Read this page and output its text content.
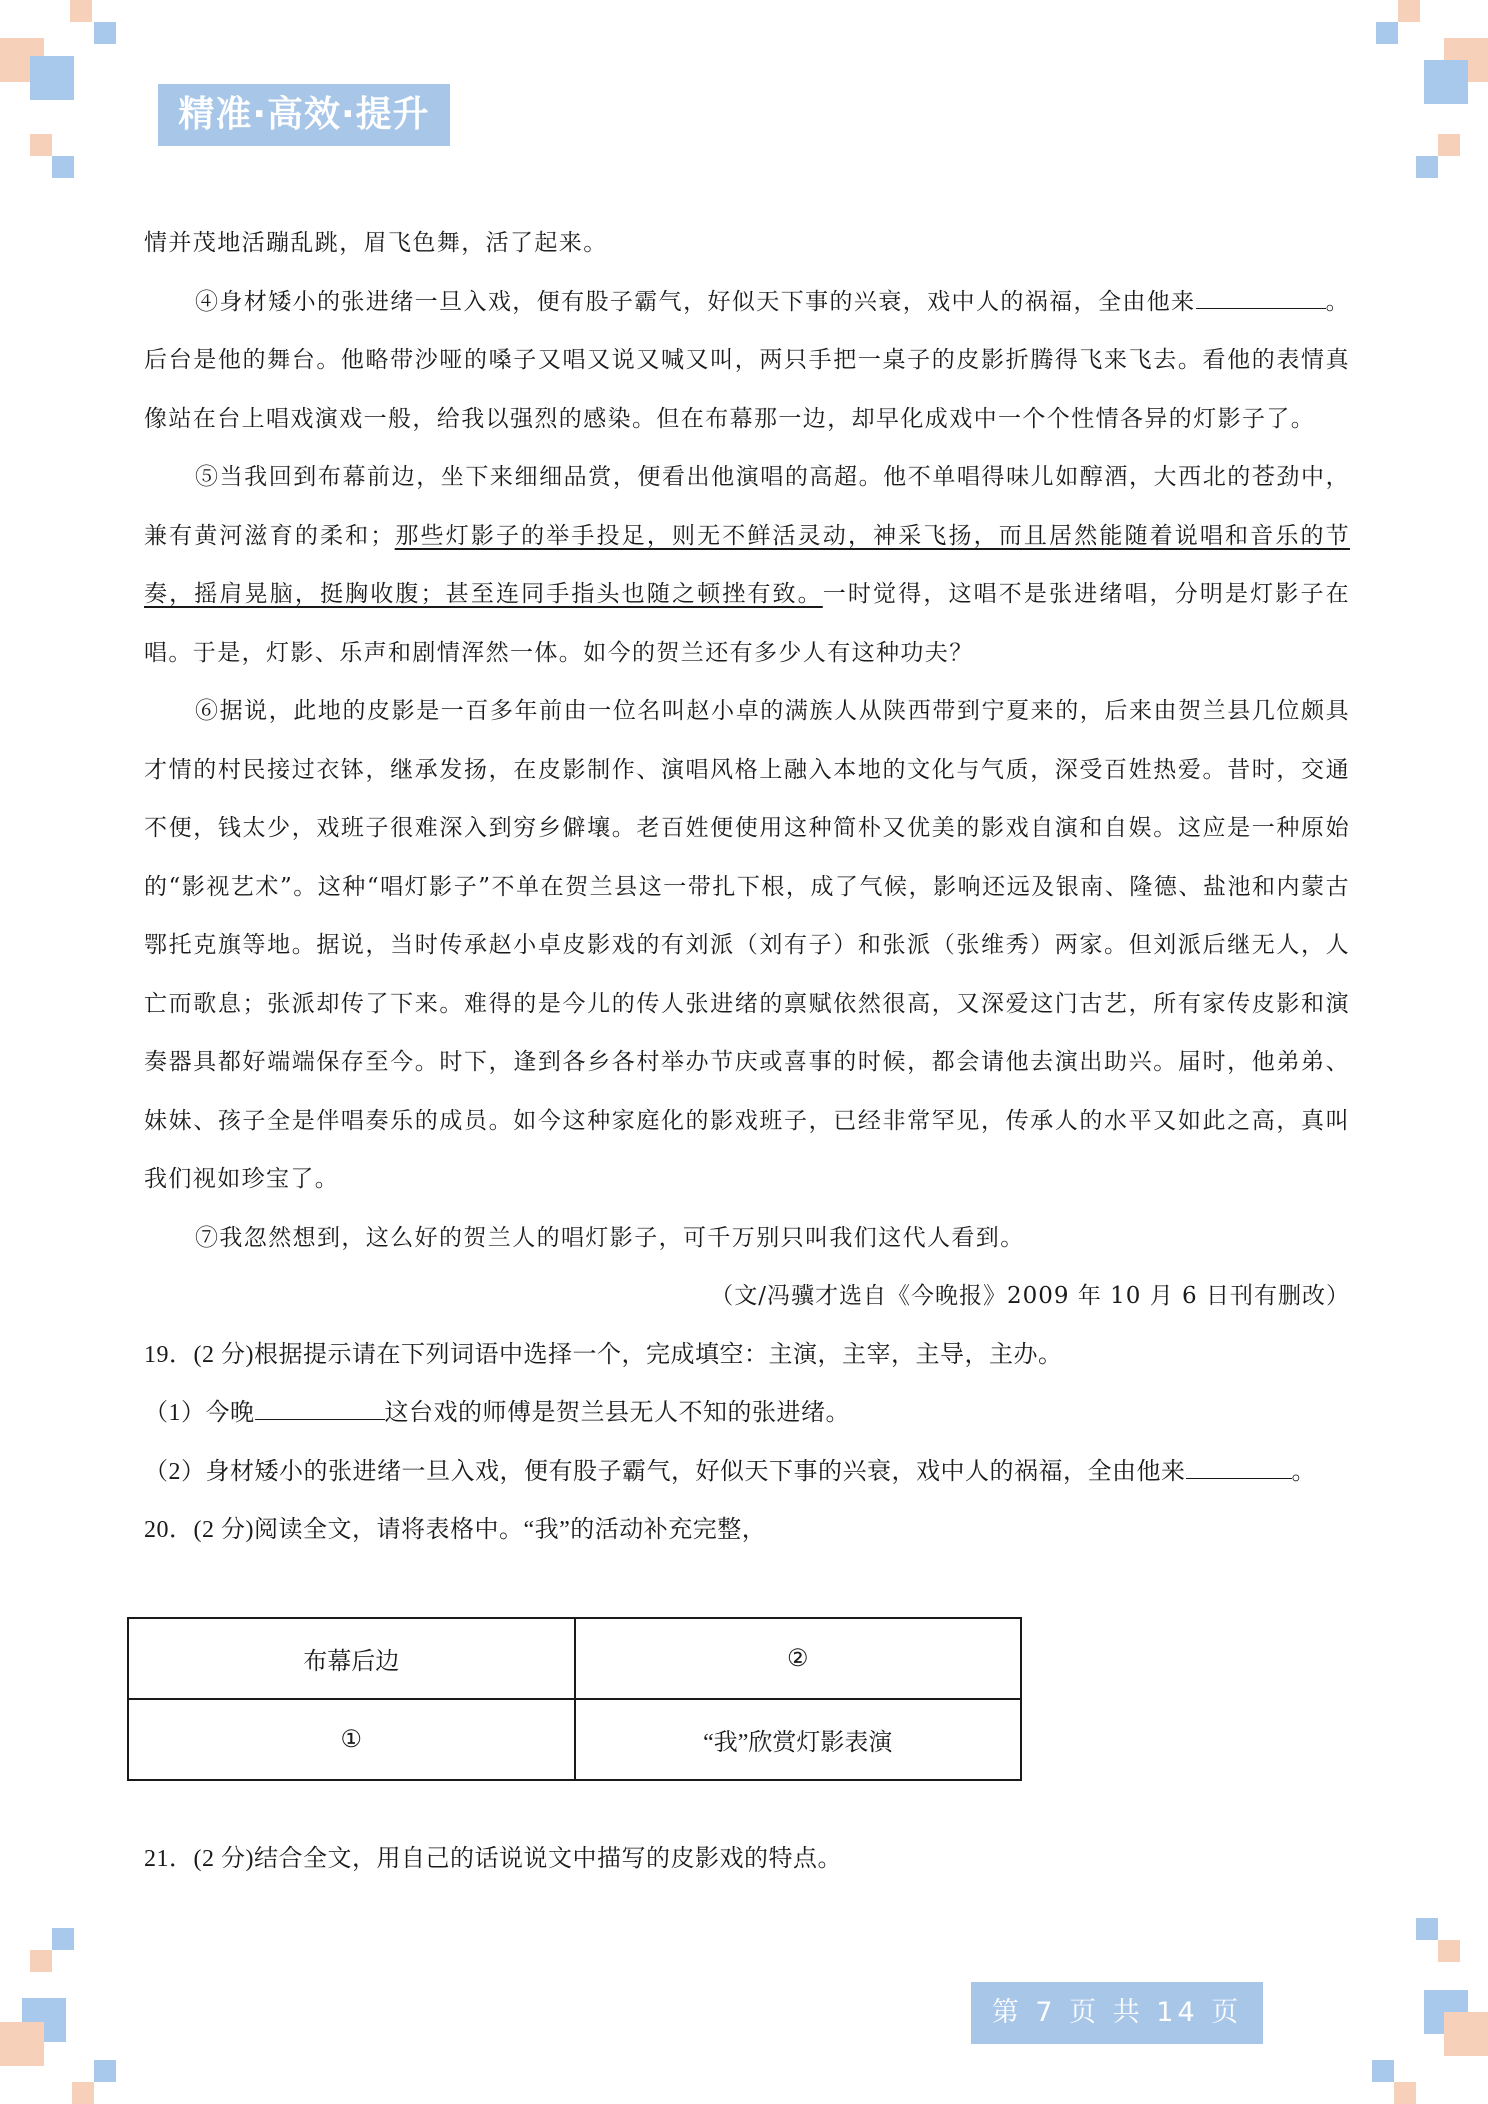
精准·高效·提升

情并茂地活蹦乱跳，眉飞色舞，活了起来。

④身材矮小的张进绪一旦入戏，便有股子霸气，好似天下事的兴衰，戏中人的祸福，全由他来	。后台是他的舞台。他略带沙哑的嗓子又唱又说又喊又叫，两只手把一桌子的皮影折腾得飞来飞去。看他的表情真像站在台上唱戏演戏一般，给我以强烈的感染。但在布幕那一边，却早化成戏中一个个性情各异的灯影子了。

⑤当我回到布幕前边，坐下来细细品赏，便看出他演唱的高超。他不单唱得味儿如醇酒，大西北的苍劲中，兼有黄河滋育的柔和；那些灯影子的举手投足，则无不鲜活灵动，神采飞扬，而且居然能随着说唱和音乐的节奏，摇肩晃脑，挺胸收腹；甚至连同手指头也随之顿挫有致。一时觉得，这唱不是张进绪唱，分明是灯影子在唱。于是，灯影、乐声和剧情浑然一体。如今的贺兰还有多少人有这种功夫？

⑥据说，此地的皮影是一百多年前由一位名叫赵小卓的满族人从陕西带到宁夏来的，后来由贺兰县几位颇具才情的村民接过衣钵，继承发扬，在皮影制作、演唱风格上融入本地的文化与气质，深受百姓热爱。昔时，交通不便，钱太少，戏班子很难深入到穷乡僻壤。老百姓便使用这种简朴又优美的影戏自演和自娱。这应是一种原始的“影视艺术”。这种“唱灯影子”不单在贺兰县这一带扎下根，成了气候，影响还远及银南、隆德、盐池和内蒙古鄂托克旗等地。据说，当时传承赵小卓皮影戏的有刘派（刘有子）和张派（张维秀）两家。但刘派后继无人，人亡而歌息；张派却传了下来。难得的是今儿的传人张进绪的禀赋依然很高，又深爱这门古艺，所有家传皮影和演奏器具都好端端保存至今。时下，逢到各乡各村举办节庆或喜事的时候，都会请他去演出助兴。届时，他弟弟、妹妹、孩子全是伴唱奏乐的成员。如今这种家庭化的影戏班子，已经非常罕见，传承人的水平又如此之高，真叫我们视如珍宝了。

⑦我忽然想到，这么好的贺兰人的唱灯影子，可千万别只叫我们这代人看到。

（文/冯骥才选自《今晚报》2009 年 10 月 6 日刊有删改）

19．(2 分)根据提示请在下列词语中选择一个，完成填空：主演，主宰，主导，主办。

（1）今晚	这台戏的师傅是贺兰县无人不知的张进绪。

（2）身材矮小的张进绪一旦入戏，便有股子霸气，好似天下事的兴衰，戏中人的祸福，全由他来	。

20．(2 分)阅读全文，请将表格中。“我”的活动补充完整，

布幕后边	②
①	“我”欣赏灯影表演

21．(2 分)结合全文，用自己的话说说文中描写的皮影戏的特点。

第 7 页 共 14 页
